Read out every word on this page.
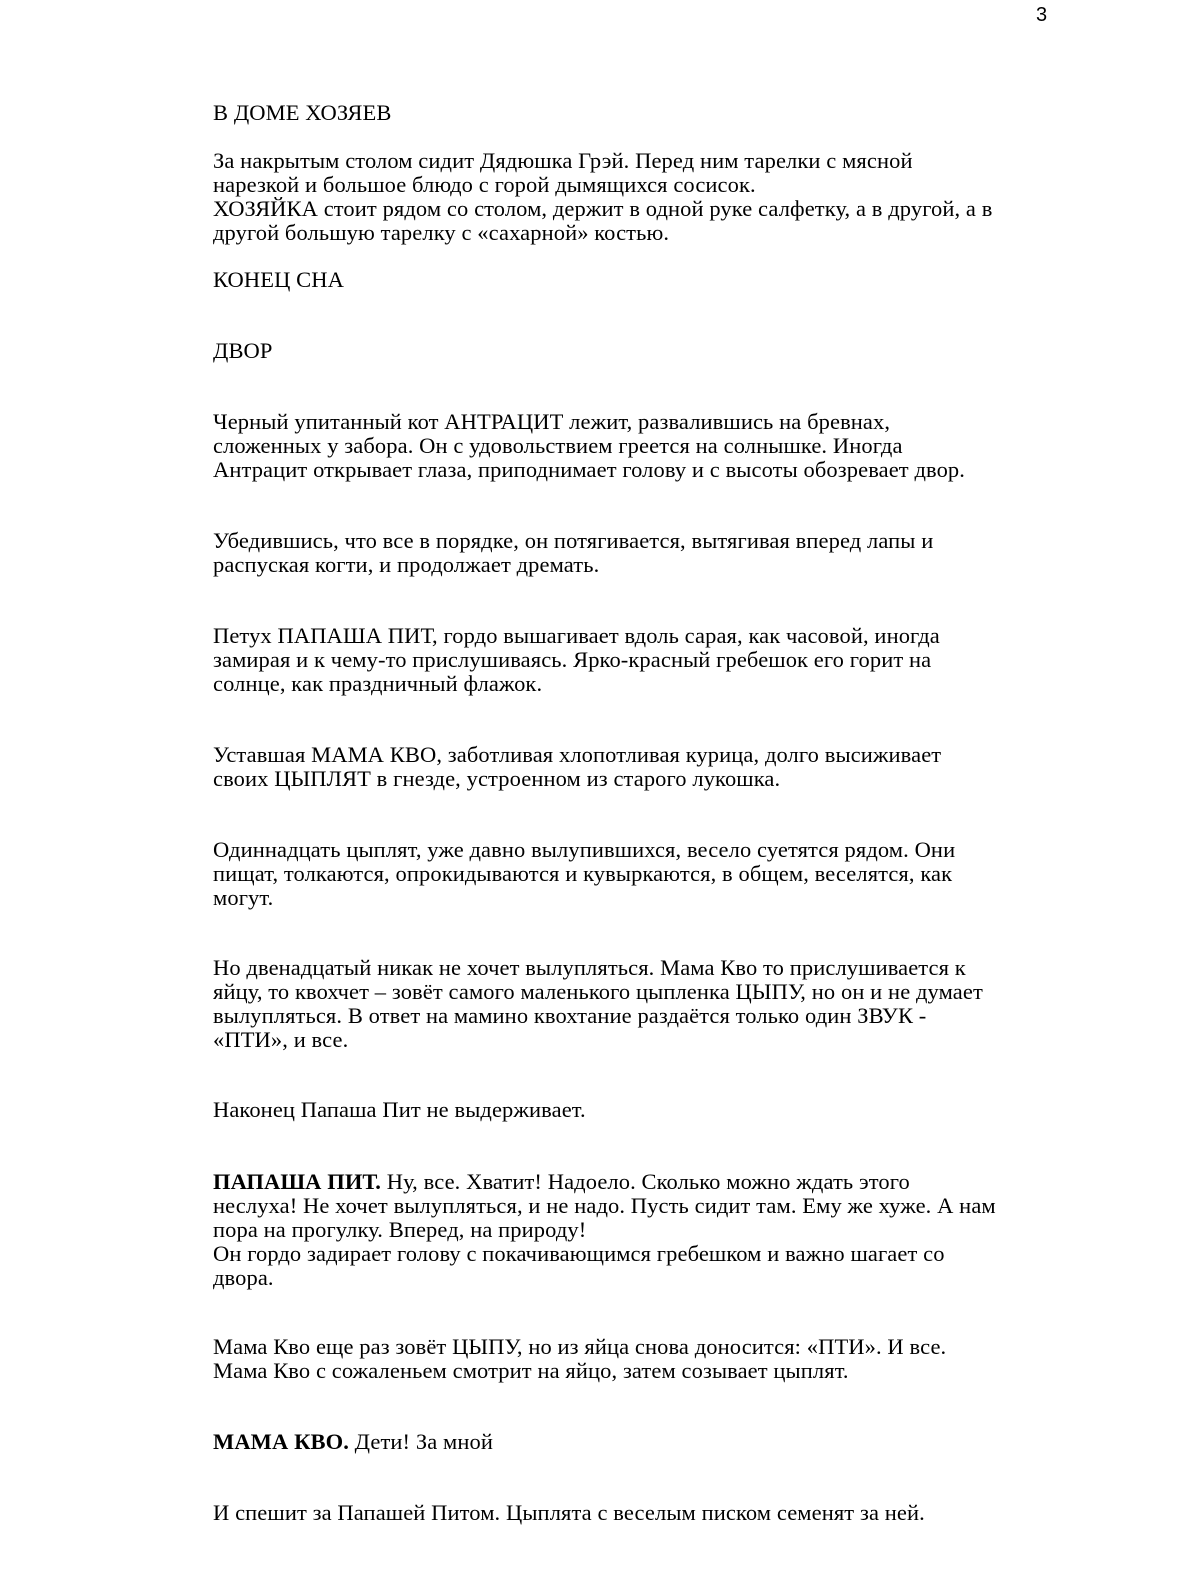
3
В ДОМЕ ХОЗЯЕВ
За накрытым столом сидит Дядюшка Грэй. Перед ним тарелки с мясной
нарезкой и большое блюдо с горой дымящихся сосисок.
ХОЗЯЙКА стоит рядом со столом, держит в одной руке салфетку, а в другой, а в
другой большую тарелку с «сахарной» костью.
КОНЕЦ СНА
ДВОР
Черный упитанный кот АНТРАЦИТ лежит, развалившись на бревнах,
сложенных у забора. Он с удовольствием греется на солнышке. Иногда
Антрацит открывает глаза, приподнимает голову и с высоты обозревает двор.
Убедившись, что все в порядке, он потягивается, вытягивая вперед лапы и
распуская когти, и продолжает дремать.
Петух ПАПАША ПИТ, гордо вышагивает вдоль сарая, как часовой, иногда
замирая и к чему-то прислушиваясь. Ярко-красный гребешок его горит на
солнце, как праздничный флажок.
Уставшая МАМА КВО, заботливая хлопотливая курица, долго высиживает
своих ЦЫПЛЯТ в гнезде, устроенном из старого лукошка.
Одиннадцать цыплят, уже давно вылупившихся, весело суетятся рядом. Они
пищат, толкаются, опрокидываются и кувыркаются, в общем, веселятся, как
могут.
Но двенадцатый никак не хочет вылупляться. Мама Кво то прислушивается к
яйцу, то квохчет – зовёт самого маленького цыпленка ЦЫПУ, но он и не думает
вылупляться. В ответ на мамино квохтание раздаётся только один ЗВУК -
«ПТИ», и все.
Наконец Папаша Пит не выдерживает.
ПАПАША ПИТ. Ну, все. Хватит! Надоело. Сколько можно ждать этого
неслуха! Не хочет вылупляться, и не надо. Пусть сидит там. Ему же хуже. А нам
пора на прогулку. Вперед, на природу!
Он гордо задирает голову с покачивающимся гребешком и важно шагает со
двора.
Мама Кво еще раз зовёт ЦЫПУ, но из яйца снова доносится: «ПТИ». И все.
Мама Кво с сожаленьем смотрит на яйцо, затем созывает цыплят.
МАМА КВО. Дети! За мной
И спешит за Папашей Питом. Цыплята с веселым писком семенят за ней.
